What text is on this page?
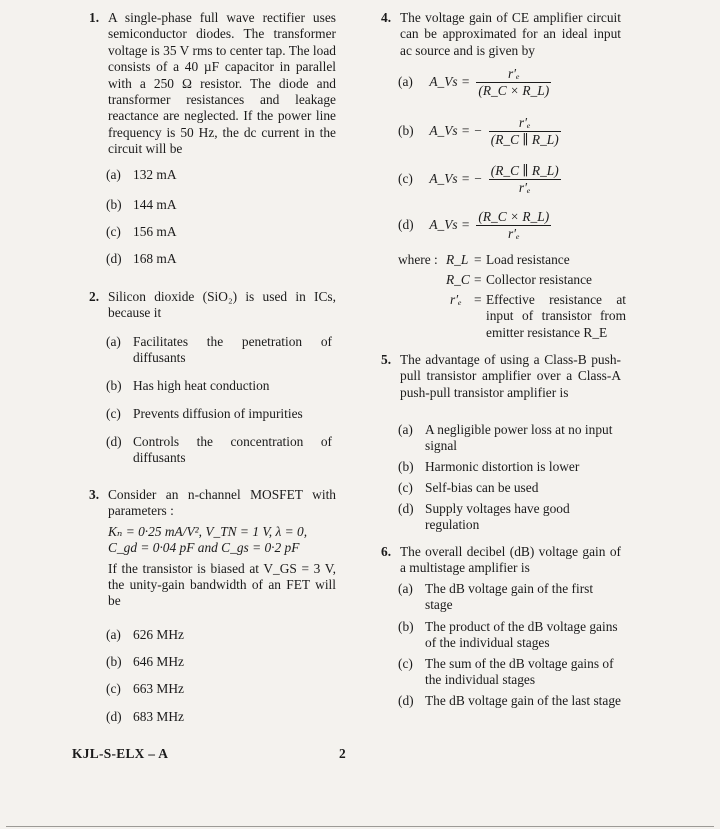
1. A single-phase full wave rectifier uses semiconductor diodes. The transformer voltage is 35 V rms to center tap. The load consists of a 40 µF capacitor in parallel with a 250 Ω resistor. The diode and transformer resistances and leakage reactance are neglected. If the power line frequency is 50 Hz, the dc current in the circuit will be
(a) 132 mA
(b) 144 mA
(c) 156 mA
(d) 168 mA
2. Silicon dioxide (SiO₂) is used in ICs, because it
(a) Facilitates the penetration of diffusants
(b) Has high heat conduction
(c) Prevents diffusion of impurities
(d) Controls the concentration of diffusants
3. Consider an n-channel MOSFET with parameters :
Kₙ = 0·25 mA/V², V_TN = 1 V, λ = 0,
C_gd = 0·04 pF and C_gs = 0·2 pF
If the transistor is biased at V_GS = 3 V, the unity-gain bandwidth of an FET will be
(a) 626 MHz
(b) 646 MHz
(c) 663 MHz
(d) 683 MHz
4. The voltage gain of CE amplifier circuit can be approximated for an ideal input ac source and is given by
(a) A_Vs = $\frac{\text{r′ₑ}}{(R\_C \times R\_L)}$
(b) A_Vs = − $\frac{\text{r′ₑ}}{(R\_C \parallel R\_L)}$
(c) A_Vs = − $\frac{(R\_C \parallel R\_L)}{\text{r′ₑ}}$
(d) A_Vs = $\frac{(R\_C \times R\_L)}{\text{r′ₑ}}$
where : R_L = Load resistance
R_C = Collector resistance
r′ₑ = Effective resistance at input of transistor from emitter resistance R_E
5. The advantage of using a Class-B push-pull transistor amplifier over a Class-A push-pull transistor amplifier is
(a) A negligible power loss at no input signal
(b) Harmonic distortion is lower
(c) Self-bias can be used
(d) Supply voltages have good regulation
6. The overall decibel (dB) voltage gain of a multistage amplifier is
(a) The dB voltage gain of the first stage
(b) The product of the dB voltage gains of the individual stages
(c) The sum of the dB voltage gains of the individual stages
(d) The dB voltage gain of the last stage
KJL-S-ELX – A	2
